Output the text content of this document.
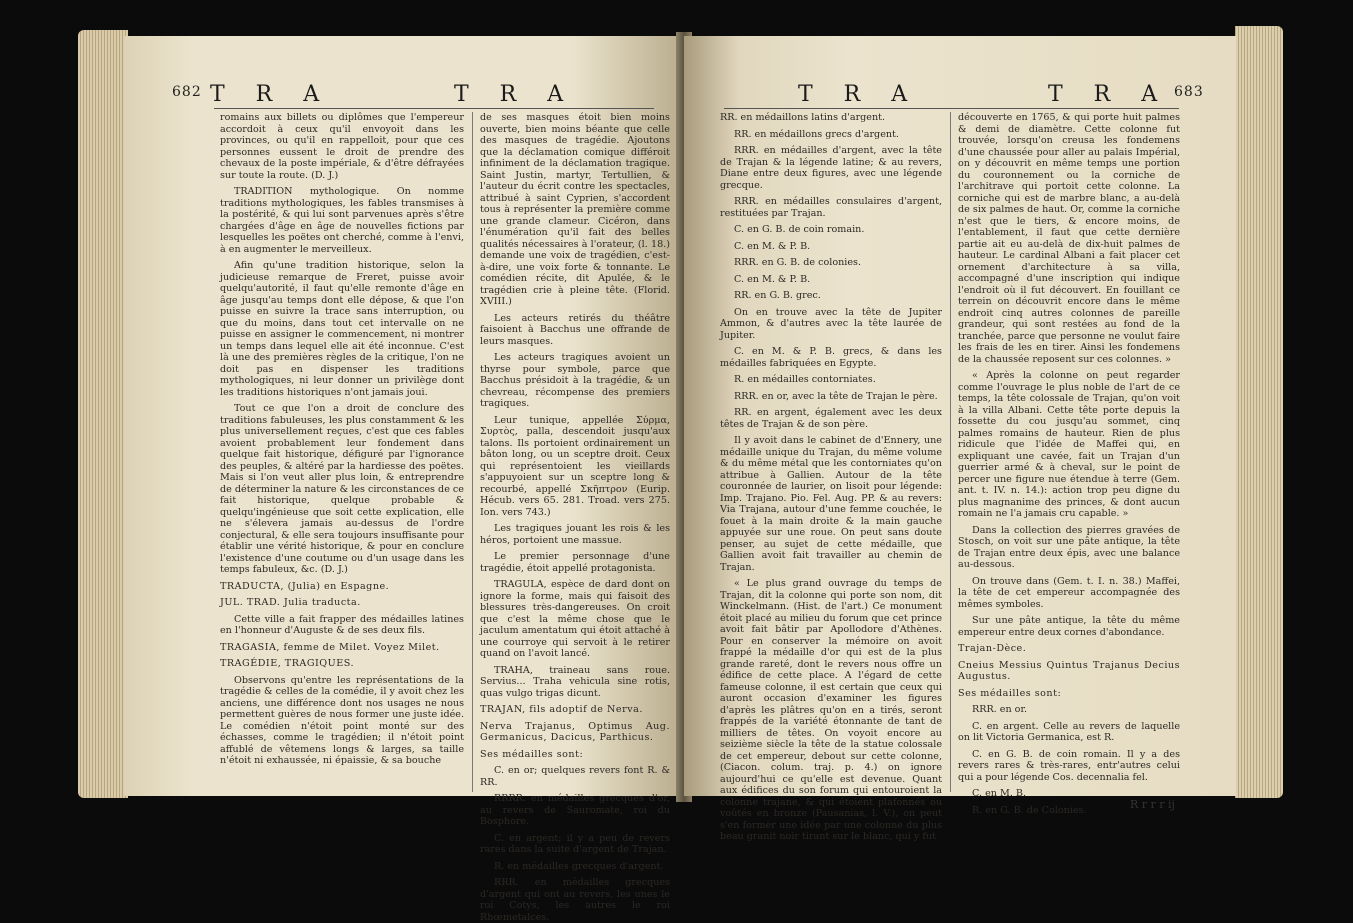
682 T R A	T R A

romains aux billets ou diplômes que l'empereur accordoit à ceux qu'il envoyoit dans les provinces, ou qu'il en rappelloit, pour que ces personnes eussent le droit de prendre des chevaux de la poste impériale, & d'être défrayées sur toute la route. (D. J.)

TRADITION mythologique. On nomme traditions mythologiques, les fables transmises à la postérité, & qui lui sont parvenues après s'être chargées d'âge en âge de nouvelles fictions par lesquelles les poëtes ont cherché, comme à l'envi, à en augmenter le merveilleux.

Afin qu'une tradition historique, selon la judicieuse remarque de Freret, puisse avoir quelqu'autorité, il faut qu'elle remonte d'âge en âge jusqu'au temps dont elle dépose, & que l'on puisse en suivre la trace sans interruption, ou que du moins, dans tout cet intervalle on ne puisse en assigner le commencement, ni montrer un temps dans lequel elle ait été inconnue. C'est là une des premières règles de la critique, l'on ne doit pas en dispenser les traditions mythologiques, ni leur donner un privilège dont les traditions historiques n'ont jamais joui.

Tout ce que l'on a droit de conclure des traditions fabuleuses, les plus constamment & les plus universellement reçues, c'est que ces fables avoient probablement leur fondement dans quelque fait historique, défiguré par l'ignorance des peuples, & altéré par la hardiesse des poëtes. Mais si l'on veut aller plus loin, & entreprendre de déterminer la nature & les circonstances de ce fait historique, quelque probable & quelqu'ingénieuse que soit cette explication, elle ne s'élevera jamais au-dessus de l'ordre conjectural, & elle sera toujours insuffisante pour établir une vérité historique, & pour en conclure l'existence d'une coutume ou d'un usage dans les temps fabuleux, &c. (D. J.)

TRADUCTA, (Julia) en Espagne.

JUL. TRAD. Julia traducta.

Cette ville a fait frapper des médailles latines en l'honneur d'Auguste & de ses deux fils.

TRAGASIA, femme de Milet. Voyez Milet.

TRAGÉDIE, TRAGIQUES.

Observons qu'entre les représentations de la tragédie & celles de la comédie, il y avoit chez les anciens, une différence dont nos usages ne nous permettent guères de nous former une juste idée. Le comédien n'étoit point monté sur des échasses, comme le tragédien; il n'étoit point affublé de vêtemens longs & larges, sa taille n'étoit ni exhaussée, ni épaissie, & sa bouche

de ses masques étoit bien moins ouverte, bien moins béante que celle des masques de tragédie. Ajoutons que la déclamation comique différoit infiniment de la déclamation tragique. Saint Justin, martyr, Tertullien, & l'auteur du écrit contre les spectacles, attribué à saint Cyprien, s'accordent tous à représenter la première comme une grande clameur. Cicéron, dans l'énumération qu'il fait des belles qualités nécessaires à l'orateur, (l. 18.) demande une voix de tragédien, c'est-à-dire, une voix forte & tonnante. Le comédien récite, dit Apulée, & le tragédien crie à pleine tête. (Florid. XVIII.)

Les acteurs retirés du théâtre faisoient à Bacchus une offrande de leurs masques.

Les acteurs tragiques avoient un thyrse pour symbole, parce que Bacchus présidoit à la tragédie, & un chevreau, récompense des premiers tragiques.

Leur tunique, appellée Σύρμα, Συρτὸς, palla, descendoit jusqu'aux talons. Ils portoient ordinairement un bâton long, ou un sceptre droit. Ceux qui représentoient les vieillards s'appuyoient sur un sceptre long & recourbé, appellé Σκῆπτρον (Eurip. Hécub. vers 65. 281. Troad. vers 275. Ion. vers 743.)

Les tragiques jouant les rois & les héros, portoient une massue.

Le premier personnage d'une tragédie, étoit appellé protagonista.

TRAGULA, espèce de dard dont on ignore la forme, mais qui faisoit des blessures très-dangereuses. On croit que c'est la même chose que le jaculum amentatum qui étoit attaché à une courroye qui servoit à le retirer quand on l'avoit lancé.

TRAHA, traineau sans roue. Servius... Traha vehicula sine rotis, quas vulgo trigas dicunt.

TRAJAN, fils adoptif de Nerva.

Nerva Trajanus, Optimus Aug. Germanicus, Dacicus, Parthicus.

Ses médailles sont:

C. en or; quelques revers font R. & RR.

RRRR. en médailles grecques d'or, au revers de Sauromate, roi du Bosphore.

C. en argent; il y a peu de revers rares dans la suite d'argent de Trajan.

R. en médailles grecques d'argent.

RRR. en médailles grecques d'argent qui ont au revers, les unes le roi Cotys, les autres le roi Rhœmetalces.

T R A	T R A 683

RR. en médaillons latins d'argent.

RR. en médaillons grecs d'argent.

RRR. en médailles d'argent, avec la tête de Trajan & la légende latine; & au revers, Diane entre deux figures, avec une légende grecque.

RRR. en médailles consulaires d'argent, restituées par Trajan.

C. en G. B. de coin romain.

C. en M. & P. B.

RRR. en G. B. de colonies.

C. en M. & P. B.

RR. en G. B. grec.

On en trouve avec la tête de Jupiter Ammon, & d'autres avec la tête laurée de Jupiter.

C. en M. & P. B. grecs, & dans les médailles fabriquées en Egypte.

R. en médailles contorniates.

RRR. en or, avec la tête de Trajan le père.

RR. en argent, également avec les deux têtes de Trajan & de son père.

Il y avoit dans le cabinet de d'Ennery, une médaille unique du Trajan, du même volume & du même métal que les contorniates qu'on attribue à Gallien. Autour de la tête couronnée de laurier, on lisoit pour légende: Imp. Trajano. Pio. Fel. Aug. PP. & au revers: Via Trajana, autour d'une femme couchée, le fouet à la main droite & la main gauche appuyée sur une roue. On peut sans doute penser, au sujet de cette médaille, que Gallien avoit fait travailler au chemin de Trajan.

« Le plus grand ouvrage du temps de Trajan, dit la colonne qui porte son nom, dit Winckelmann. (Hist. de l'art.) Ce monument étoit placé au milieu du forum que cet prince avoit fait bâtir par Apollodore d'Athènes. Pour en conserver la mémoire on avoit frappé la médaille d'or qui est de la plus grande rareté, dont le revers nous offre un édifice de cette place. A l'égard de cette fameuse colonne, il est certain que ceux qui auront occasion d'examiner les figures d'après les plâtres qu'on en a tirés, seront frappés de la variété étonnante de tant de milliers de têtes. On voyoit encore au seizième siècle la tête de la statue colossale de cet empereur, debout sur cette colonne, (Ciacon. colum. traj. p. 4.) on ignore aujourd'hui ce qu'elle est devenue. Quant aux édifices du son forum qui entouroient la colonne trajane, & qui étoient plafonnés ou voûtés en bronze (Pausanias, l. V.), on peut s'en former une idée par une colonne du plus beau granit noir tirant sur le blanc, qui y fut

découverte en 1765, & qui porte huit palmes & demi de diamètre. Cette colonne fut trouvée, lorsqu'on creusa les fondemens d'une chaussée pour aller au palais Impérial, on y découvrit en même temps une portion du couronnement ou la corniche de l'architrave qui portoit cette colonne. La corniche qui est de marbre blanc, a au-delà de six palmes de haut. Or, comme la corniche n'est que le tiers, & encore moins, de l'entablement, il faut que cette dernière partie ait eu au-delà de dix-huit palmes de hauteur. Le cardinal Albani a fait placer cet ornement d'architecture à sa villa, accompagné d'une inscription qui indique l'endroit où il fut découvert. En fouillant ce terrein on découvrit encore dans le même endroit cinq autres colonnes de pareille grandeur, qui sont restées au fond de la tranchée, parce que personne ne voulut faire les frais de les en tirer. Ainsi les fondemens de la chaussée reposent sur ces colonnes. »

« Après la colonne on peut regarder comme l'ouvrage le plus noble de l'art de ce temps, la tête colossale de Trajan, qu'on voit à la villa Albani. Cette tête porte depuis la fossette du cou jusqu'au sommet, cinq palmes romains de hauteur. Rien de plus ridicule que l'idée de Maffei qui, en expliquant une cavée, fait un Trajan d'un guerrier armé & à cheval, sur le point de percer une figure nue étendue à terre (Gem. ant. t. IV. n. 14.): action trop peu digne du plus magnanime des princes, & dont aucun romain ne l'a jamais cru capable. »

Dans la collection des pierres gravées de Stosch, on voit sur une pâte antique, la tête de Trajan entre deux épis, avec une balance au-dessous.

On trouve dans (Gem. t. I. n. 38.) Maffei, la tête de cet empereur accompagnée des mêmes symboles.

Sur une pâte antique, la tête du même empereur entre deux cornes d'abondance.

Trajan-Dèce.

Cneius Messius Quintus Trajanus Decius Augustus.

Ses médailles sont:

RRR. en or.

C. en argent. Celle au revers de laquelle on lit Victoria Germanica, est R.

C. en G. B. de coin romain. Il y a des revers rares & très-rares, entr'autres celui qui a pour légende Cos. decennalia fel.

C. en M. B.

R. en G. B. de Colonies.	R r r r ij
